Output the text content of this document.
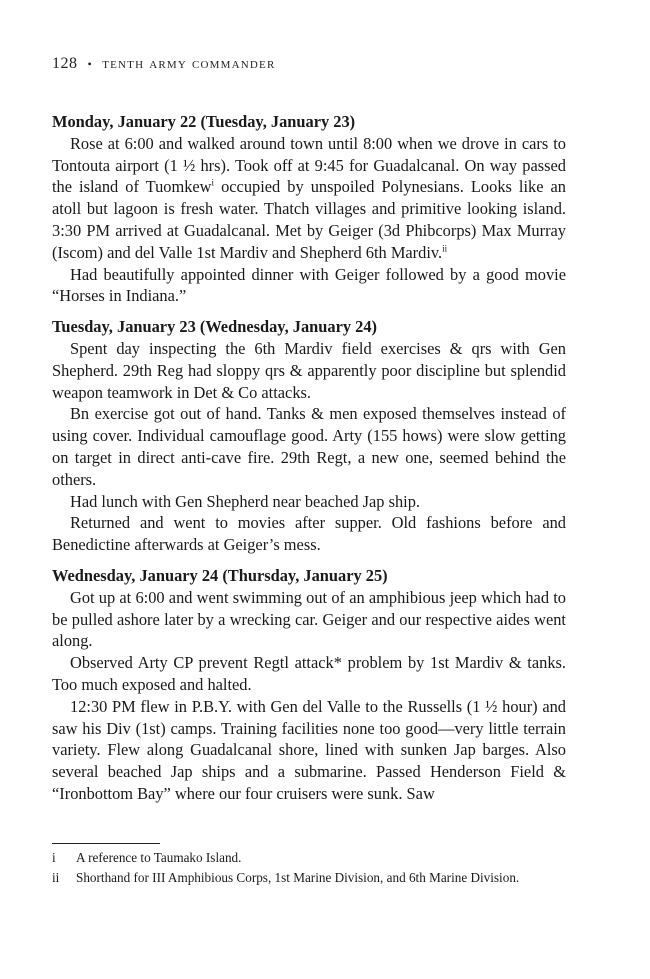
128 • tenth army commander

Monday, January 22 (Tuesday, January 23)

Rose at 6:00 and walked around town until 8:00 when we drove in cars to Tontouta airport (1 ½ hrs). Took off at 9:45 for Guadalcanal. On way passed the island of Tuomkew$^i$ occupied by unspoiled Polynesians. Looks like an atoll but lagoon is fresh water. Thatch villages and primitive looking island. 3:30 PM arrived at Guadalcanal. Met by Geiger (3d Phibcorps) Max Murray (Iscom) and del Valle 1st Mardiv and Shepherd 6th Mardiv.$^{ii}$

Had beautifully appointed dinner with Geiger followed by a good movie “Horses in Indiana.”

Tuesday, January 23 (Wednesday, January 24)

Spent day inspecting the 6th Mardiv field exercises & qrs with Gen Shepherd. 29th Reg had sloppy qrs & apparently poor discipline but splendid weapon teamwork in Det & Co attacks.

Bn exercise got out of hand. Tanks & men exposed themselves instead of using cover. Individual camouflage good. Arty (155 hows) were slow getting on target in direct anti-cave fire. 29th Regt, a new one, seemed behind the others.

Had lunch with Gen Shepherd near beached Jap ship.

Returned and went to movies after supper. Old fashions before and Benedictine afterwards at Geiger’s mess.

Wednesday, January 24 (Thursday, January 25)

Got up at 6:00 and went swimming out of an amphibious jeep which had to be pulled ashore later by a wrecking car. Geiger and our respective aides went along.

Observed Arty CP prevent Regtl attack* problem by 1st Mardiv & tanks. Too much exposed and halted.

12:30 PM flew in P.B.Y. with Gen del Valle to the Russells (1 ½ hour) and saw his Div (1st) camps. Training facilities none too good—very little terrain variety. Flew along Guadalcanal shore, lined with sunken Jap barges. Also several beached Jap ships and a submarine. Passed Henderson Field & “Ironbottom Bay” where our four cruisers were sunk. Saw

i	A reference to Taumako Island.
ii	Shorthand for III Amphibious Corps, 1st Marine Division, and 6th Marine Division.
